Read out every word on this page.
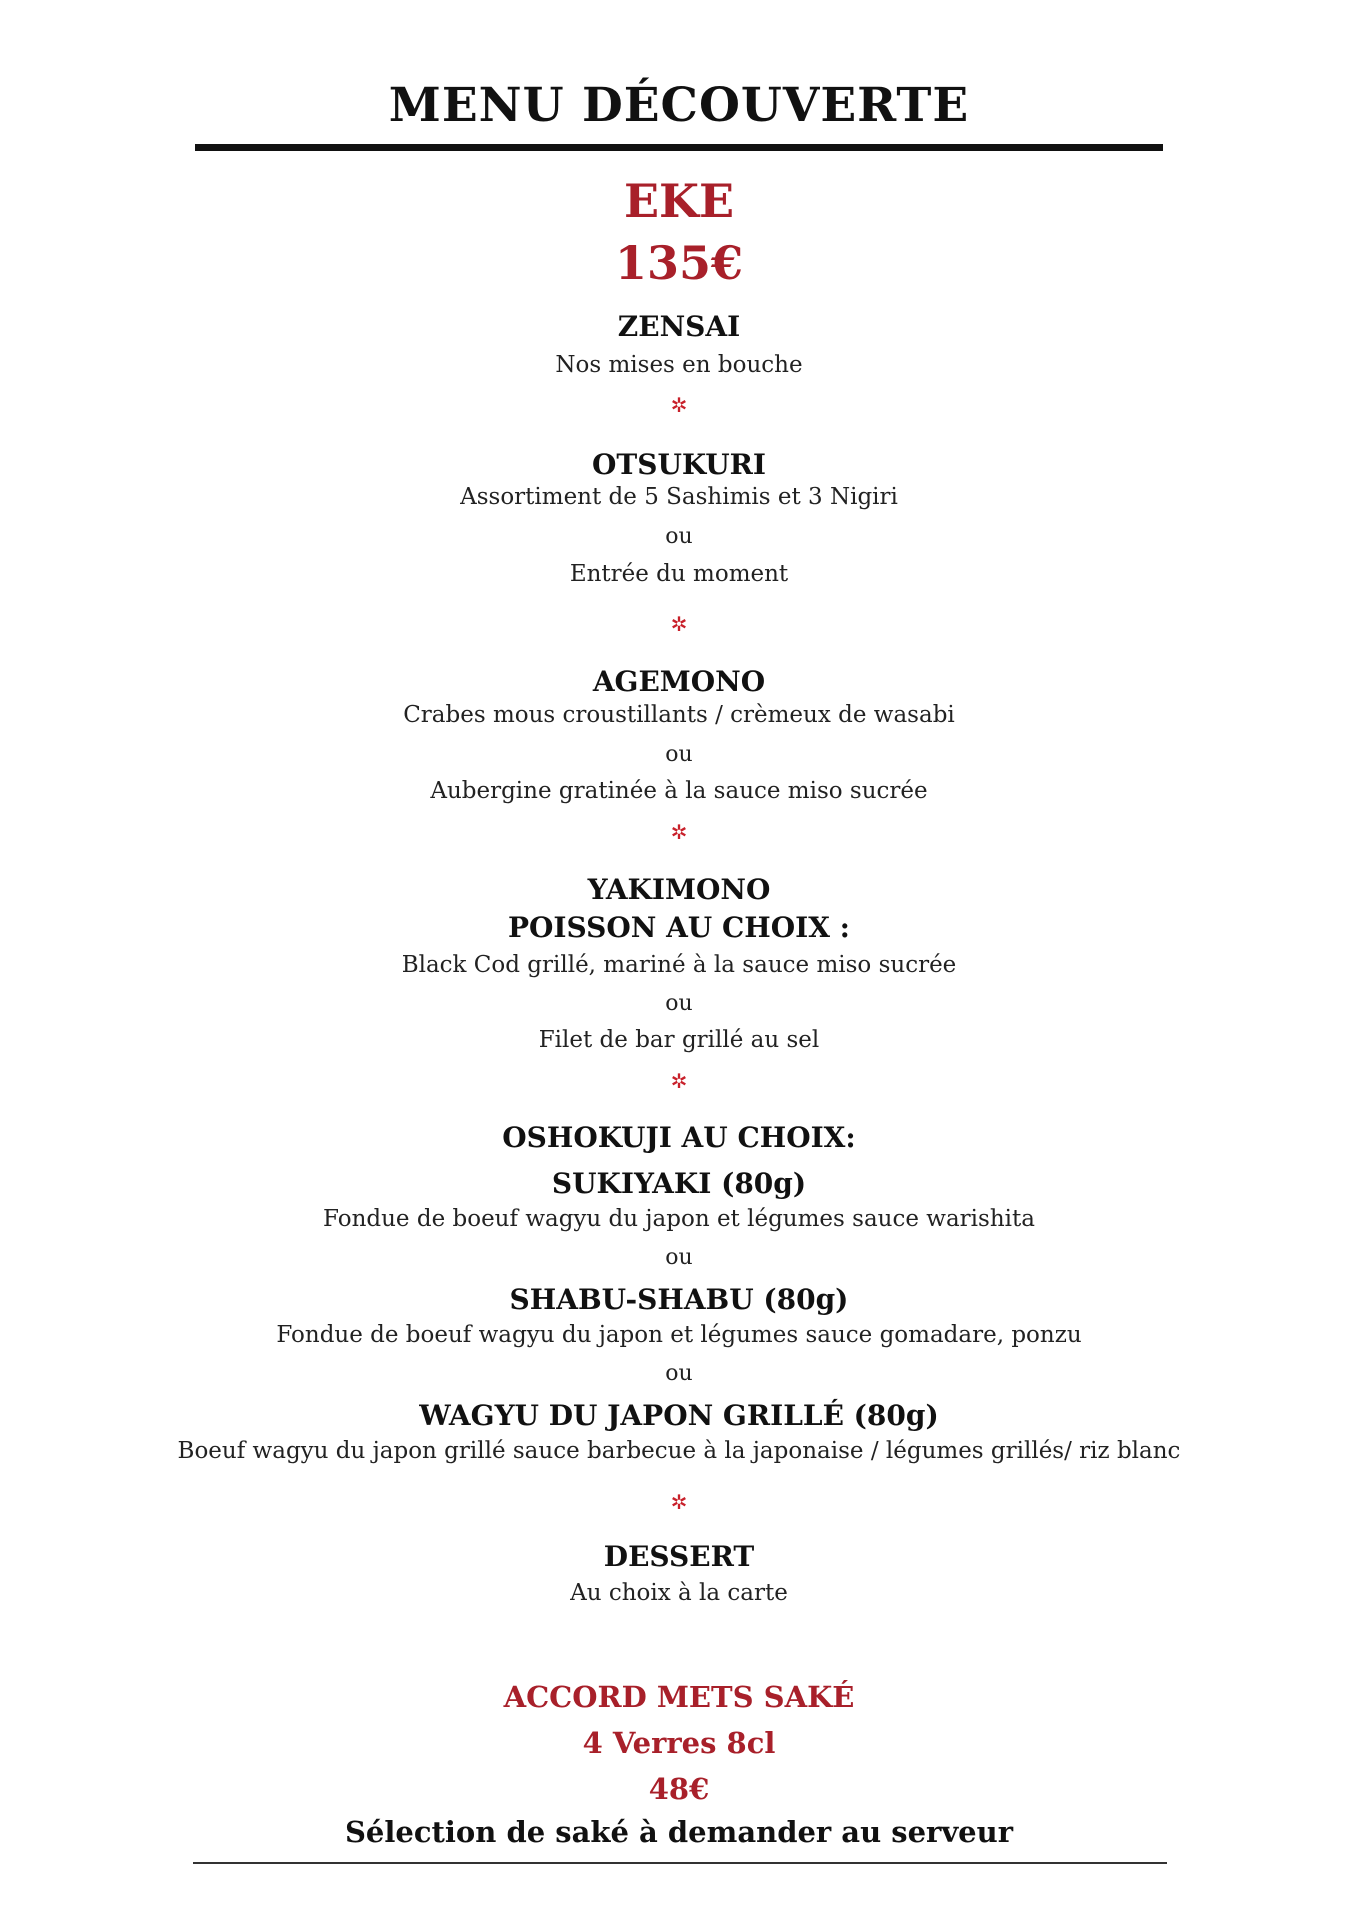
MENU DÉCOUVERTE
EKE
135€
ZENSAI
Nos mises en bouche
✲
OTSUKURI
Assortiment de 5 Sashimis et 3 Nigiri
ou
Entrée du moment
✲
AGEMONO
Crabes mous croustillants / crèmeux de wasabi
ou
Aubergine gratinée à la sauce miso sucrée
✲
YAKIMONO
POISSON AU CHOIX :
Black Cod grillé, mariné à la sauce miso sucrée
ou
Filet de bar grillé au sel
✲
OSHOKUJI AU CHOIX:
SUKIYAKI (80g)
Fondue de boeuf wagyu du japon et légumes sauce warishita
ou
SHABU-SHABU (80g)
Fondue de boeuf wagyu du japon et légumes sauce gomadare, ponzu
ou
WAGYU DU JAPON GRILLÉ (80g)
Boeuf wagyu du japon grillé sauce barbecue à la japonaise / légumes grillés/ riz blanc
✲
DESSERT
Au choix à la carte
ACCORD METS SAKÉ
4 Verres 8cl
48€
Sélection de saké à demander au serveur
